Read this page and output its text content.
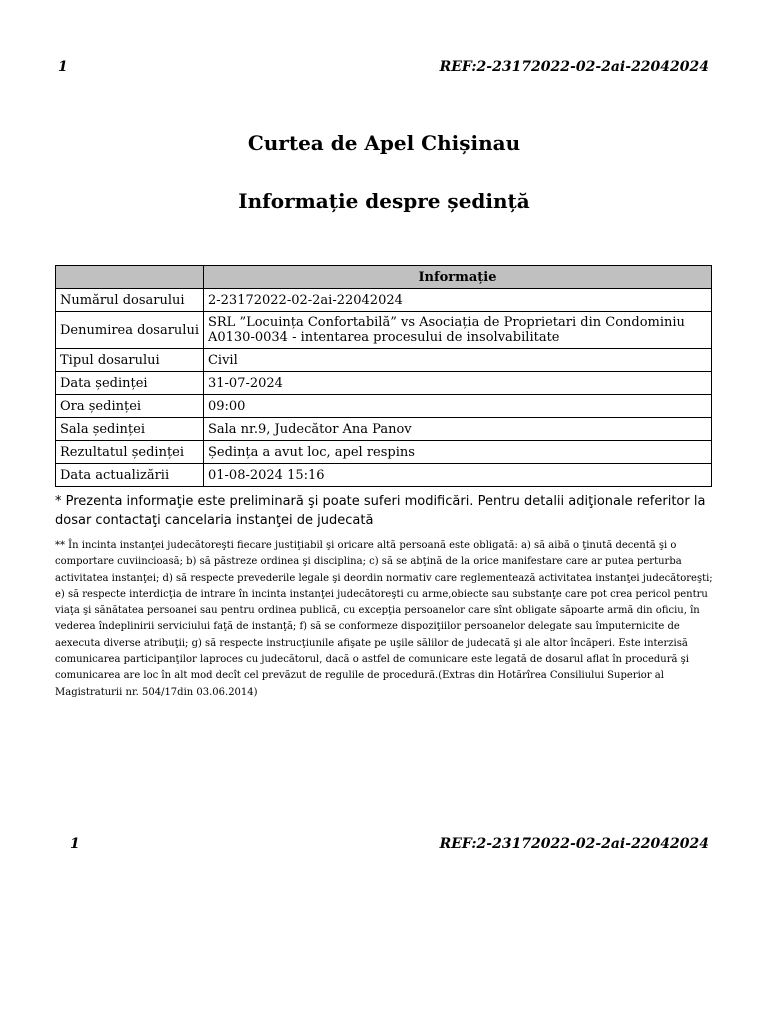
1	REF:2-23172022-02-2ai-22042024
Curtea de Apel Chișinau
Informație despre ședință
	Informație
Numărul dosarului	2-23172022-02-2ai-22042024
Denumirea dosarului	SRL ”Locuința Confortabilă” vs Asociația de Proprietari din Condominiu A0130-0034 - intentarea procesului de insolvabilitate
Tipul dosarului	Civil
Data ședinței	31-07-2024
Ora ședinței	09:00
Sala ședinței	Sala nr.9, Judecător Ana Panov
Rezultatul ședinței	Ședința a avut loc, apel respins
Data actualizării	01-08-2024 15:16
* Prezenta informaţie este preliminară şi poate suferi modificări. Pentru detalii adiţionale referitor la dosar contactaţi cancelaria instanţei de judecată
** În incinta instanţei judecătoreşti fiecare justiţiabil şi oricare altă persoană este obligată: a) să aibă o ţinută decentă şi o comportare cuviincioasă; b) să păstreze ordinea şi disciplina; c) să se abţină de la orice manifestare care ar putea perturba activitatea instanţei; d) să respecte prevederile legale şi deordin normativ care reglementează activitatea instanţei judecătoreşti; e) să respecte interdicţia de intrare în incinta instanţei judecătoreşti cu arme,obiecte sau substanţe care pot crea pericol pentru viaţa şi sănătatea persoanei sau pentru ordinea publică, cu excepţia persoanelor care sînt obligate săpoarte armă din oficiu, în vederea îndeplinirii serviciului faţă de instanţă; f) să se conformeze dispoziţiilor persoanelor delegate sau împuternicite de aexecuta diverse atribuţii; g) să respecte instrucţiunile afişate pe uşile sălilor de judecată şi ale altor încăperi. Este interzisă comunicarea participanţilor laproces cu judecătorul, dacă o astfel de comunicare este legată de dosarul aflat în procedură şi comunicarea are loc în alt mod decît cel prevăzut de regulile de procedură.(Extras din Hotărîrea Consiliului Superior al Magistraturii nr. 504/17din 03.06.2014)
1	REF:2-23172022-02-2ai-22042024
